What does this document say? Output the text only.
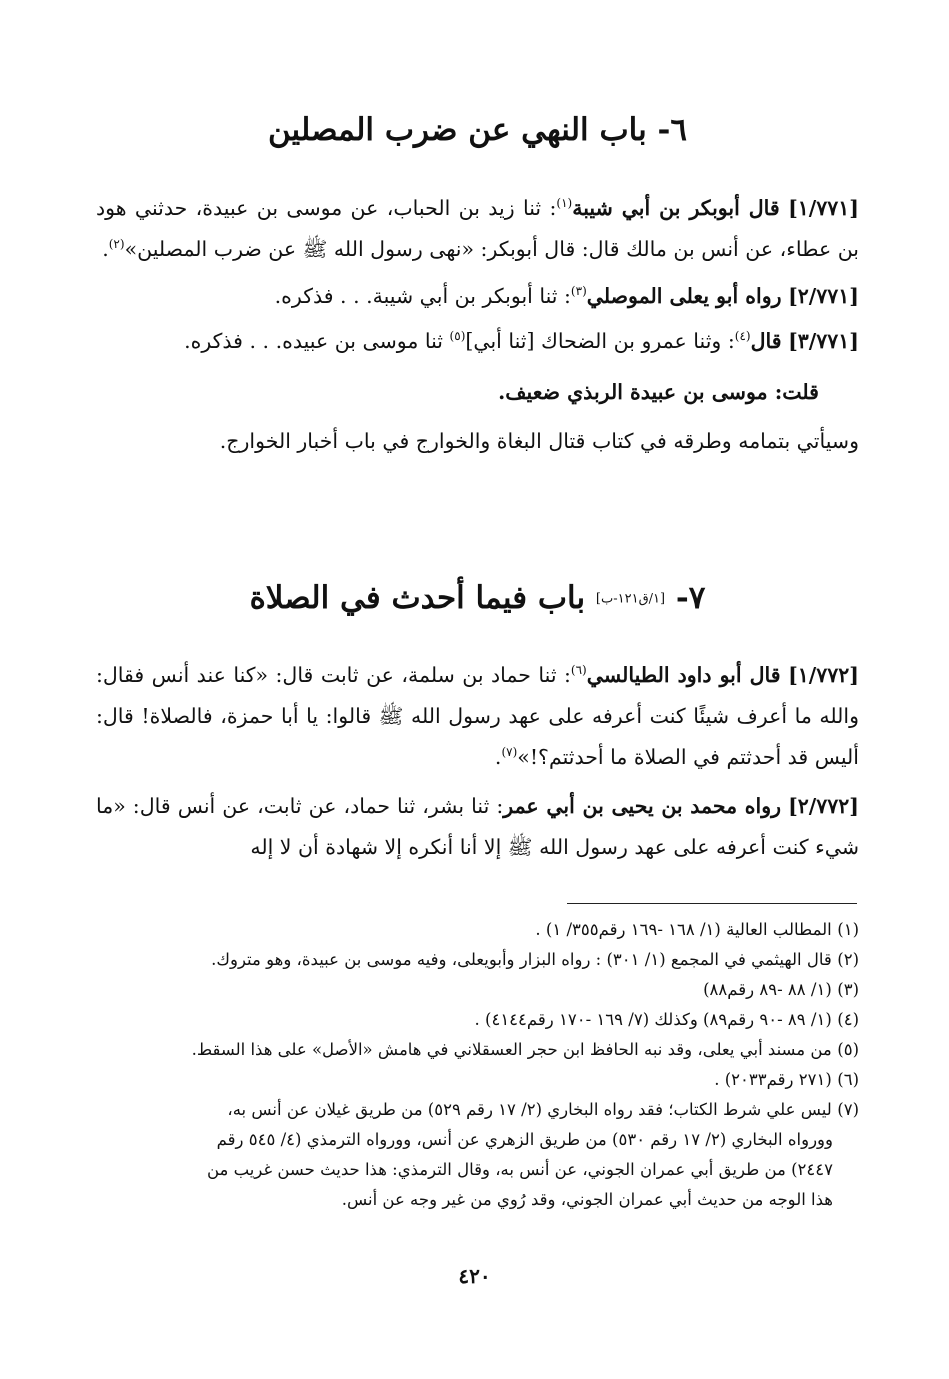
٦- باب النهي عن ضرب المصلين

[١/٧٧١] قال أبوبكر بن أبي شيبة$^{(١)}$: ثنا زيد بن الحباب، عن موسى بن عبيدة، حدثني هود بن عطاء، عن أنس بن مالك قال: قال أبوبكر: «نهى رسول الله ﷺ عن ضرب المصلين»$^{(٢)}$.

[٢/٧٧١] رواه أبو يعلى الموصلي$^{(٣)}$: ثنا أبوبكر بن أبي شيبة. . . فذكره.

[٣/٧٧١] قال$^{(٤)}$: وثنا عمرو بن الضحاك [ثنا أبي]$^{(٥)}$ ثنا موسى بن عبيده. . . فذكره.

قلت: موسى بن عبيدة الربذي ضعيف.

وسيأتي بتمامه وطرقه في كتاب قتال البغاة والخوارج في باب أخبار الخوارج.

٧- [١/ق١٢١-ب] باب فيما أحدث في الصلاة

[١/٧٧٢] قال أبو داود الطيالسي$^{(٦)}$: ثنا حماد بن سلمة، عن ثابت قال: «كنا عند أنس فقال: والله ما أعرف شيئًا كنت أعرفه على عهد رسول الله ﷺ قالوا: يا أبا حمزة، فالصلاة! قال: أليس قد أحدثتم في الصلاة ما أحدثتم؟!»$^{(٧)}$.

[٢/٧٧٢] رواه محمد بن يحيى بن أبي عمر: ثنا بشر، ثنا حماد، عن ثابت، عن أنس قال: «ما شيء كنت أعرفه على عهد رسول الله ﷺ إلا أنا أنكره إلا شهادة أن لا إله

(١) المطالب العالية (١/ ١٦٨ -١٦٩ رقم٣٥٥/ ١) .

(٢) قال الهيثمي في المجمع (١/ ٣٠١) : رواه البزار وأبويعلى، وفيه موسى بن عبيدة، وهو متروك.

(٣) (١/ ٨٨ -٨٩ رقم٨٨)

(٤) (١/ ٨٩ -٩٠ رقم٨٩) وكذلك (٧/ ١٦٩ -١٧٠ رقم٤١٤٤) .

(٥) من مسند أبي يعلى، وقد نبه الحافظ ابن حجر العسقلاني في هامش «الأصل» على هذا السقط.

(٦) (٢٧١ رقم٢٠٣٣) .

(٧) ليس علي شرط الكتاب؛ فقد رواه البخاري (٢/ ١٧ رقم ٥٢٩) من طريق غيلان عن أنس به،

وورواه البخاري (٢/ ١٧ رقم ٥٣٠) من طريق الزهري عن أنس، وورواه الترمذي (٤/ ٥٤٥ رقم

٢٤٤٧) من طريق أبي عمران الجوني، عن أنس به، وقال الترمذي: هذا حديث حسن غريب من

هذا الوجه من حديث أبي عمران الجوني، وقد رُوي من غير وجه عن أنس.

٤٢٠
